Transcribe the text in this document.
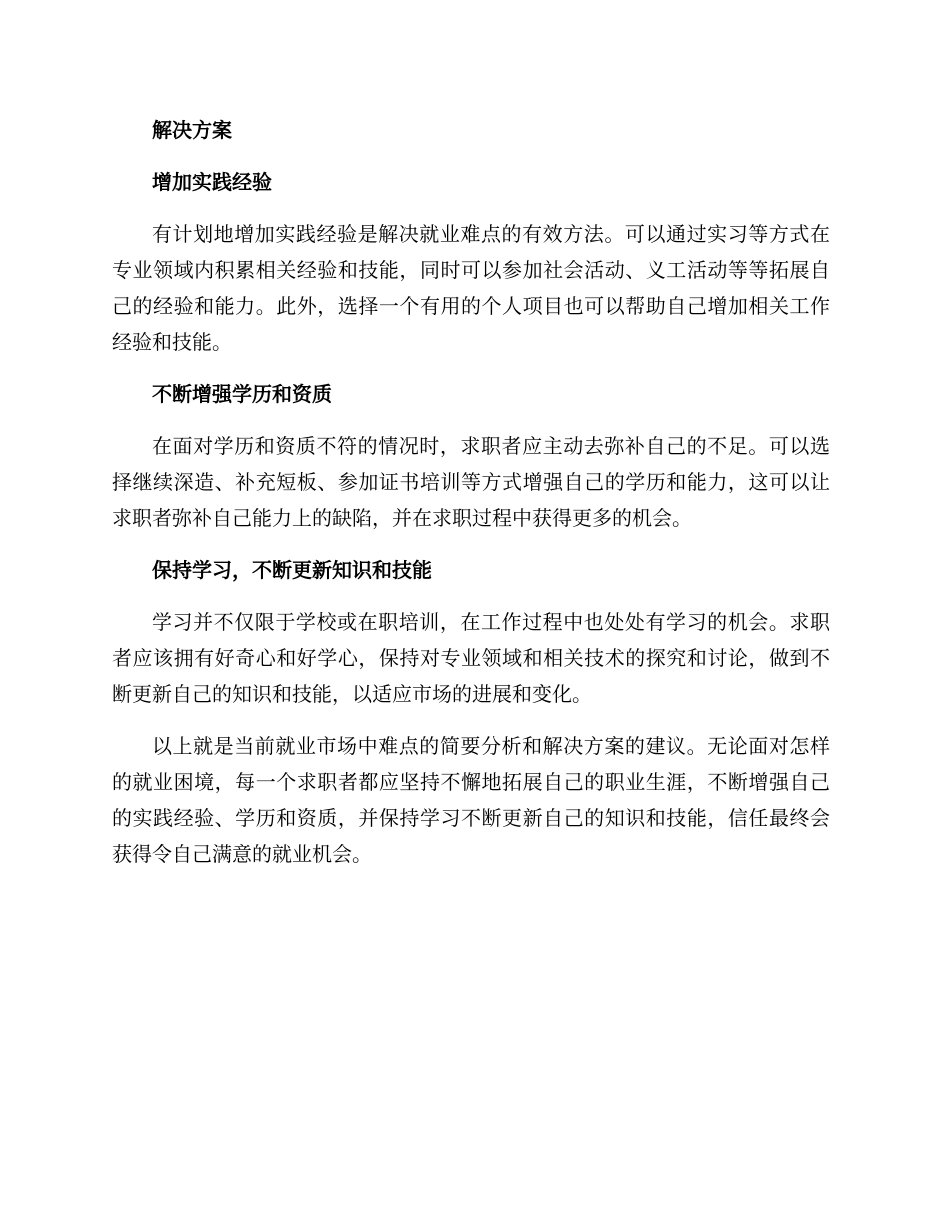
解决方案
增加实践经验
有计划地增加实践经验是解决就业难点的有效方法。可以通过实习等方式在专业领域内积累相关经验和技能，同时可以参加社会活动、义工活动等等拓展自己的经验和能力。此外，选择一个有用的个人项目也可以帮助自己增加相关工作经验和技能。
不断增强学历和资质
在面对学历和资质不符的情况时，求职者应主动去弥补自己的不足。可以选择继续深造、补充短板、参加证书培训等方式增强自己的学历和能力，这可以让求职者弥补自己能力上的缺陷，并在求职过程中获得更多的机会。
保持学习，不断更新知识和技能
学习并不仅限于学校或在职培训，在工作过程中也处处有学习的机会。求职者应该拥有好奇心和好学心，保持对专业领域和相关技术的探究和讨论，做到不断更新自己的知识和技能，以适应市场的进展和变化。
以上就是当前就业市场中难点的简要分析和解决方案的建议。无论面对怎样的就业困境，每一个求职者都应坚持不懈地拓展自己的职业生涯，不断增强自己的实践经验、学历和资质，并保持学习不断更新自己的知识和技能，信任最终会获得令自己满意的就业机会。
